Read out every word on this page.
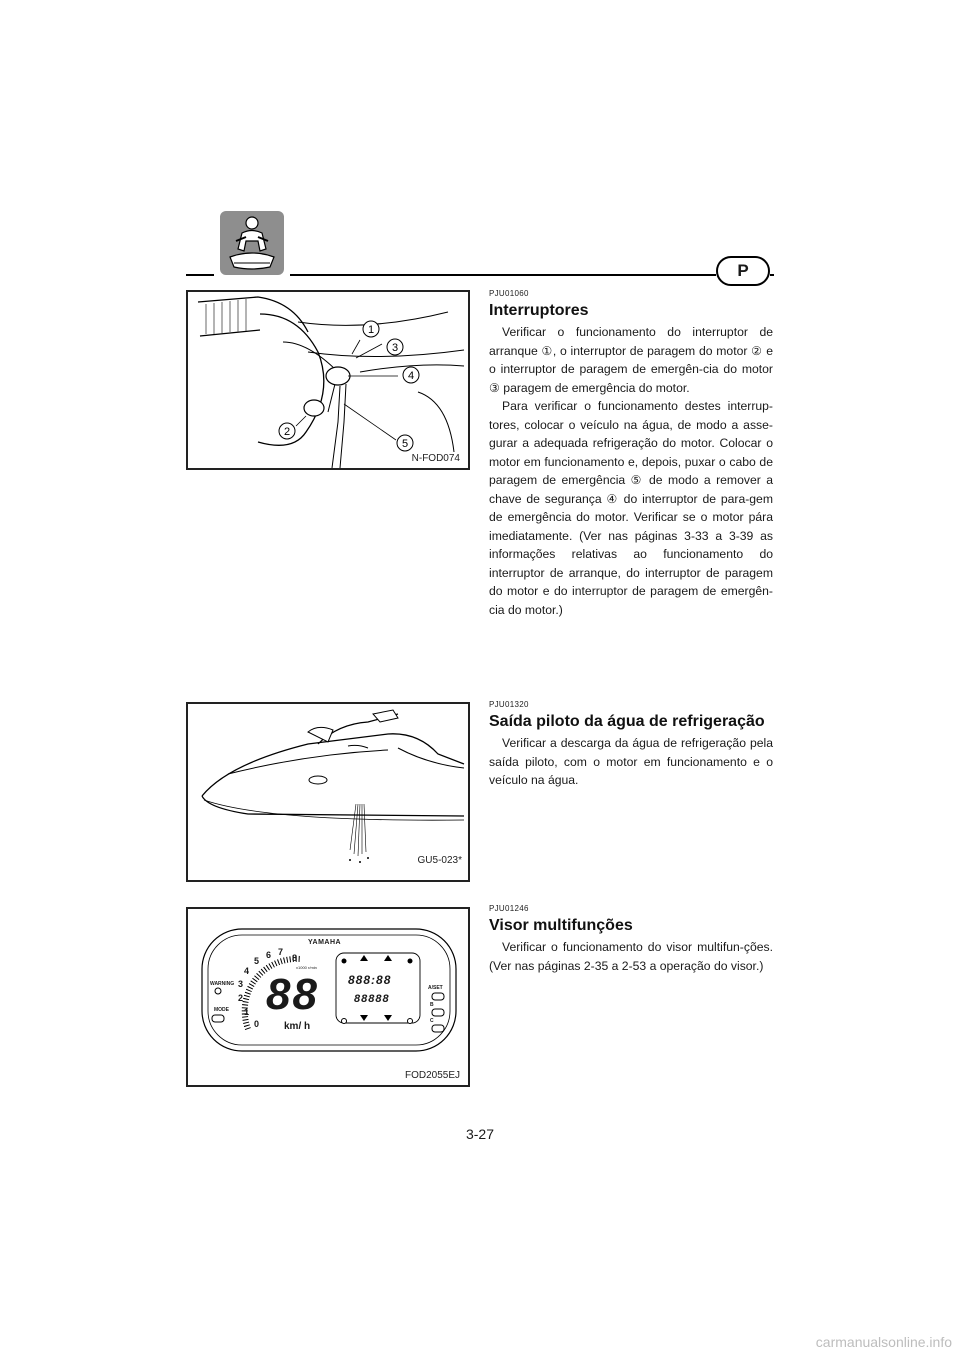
P
1
3
4
2
5
N-FOD074
PJU01060
Interruptores

Verificar o funcionamento do interruptor de arranque ①, o interruptor de paragem do motor ② e o interruptor de paragem de emergên-cia do motor ③ paragem de emergência do motor.

Para verificar o funcionamento destes interrup-tores, colocar o veículo na água, de modo a asse-gurar a adequada refrigeração do motor. Colocar o motor em funcionamento e, depois, puxar o cabo de paragem de emergência ⑤ de modo a remover a chave de segurança ④ do interruptor de para-gem de emergência do motor. Verificar se o motor pára imediatamente. (Ver nas páginas 3-33 a 3-39 as informações relativas ao funcionamento do interruptor de arranque, do interruptor de paragem do motor e do interruptor de paragem de emergên-cia do motor.)

GU5-023*
PJU01320
Saída piloto da água de refrigeração

Verificar a descarga da água de refrigeração pela saída piloto, com o motor em funcionamento e o veículo na água.

YAMAHA
WARNING
MODE
A/SET
B
C
0
1
2
3
4
5
6 7
8
x1000 r/min
88
km/ h
888:88
88888
FOD2055EJ
PJU01246
Visor multifunções

Verificar o funcionamento do visor multifun-ções. (Ver nas páginas 2-35 a 2-53 a operação do visor.)

3-27
carmanualsonline.info
